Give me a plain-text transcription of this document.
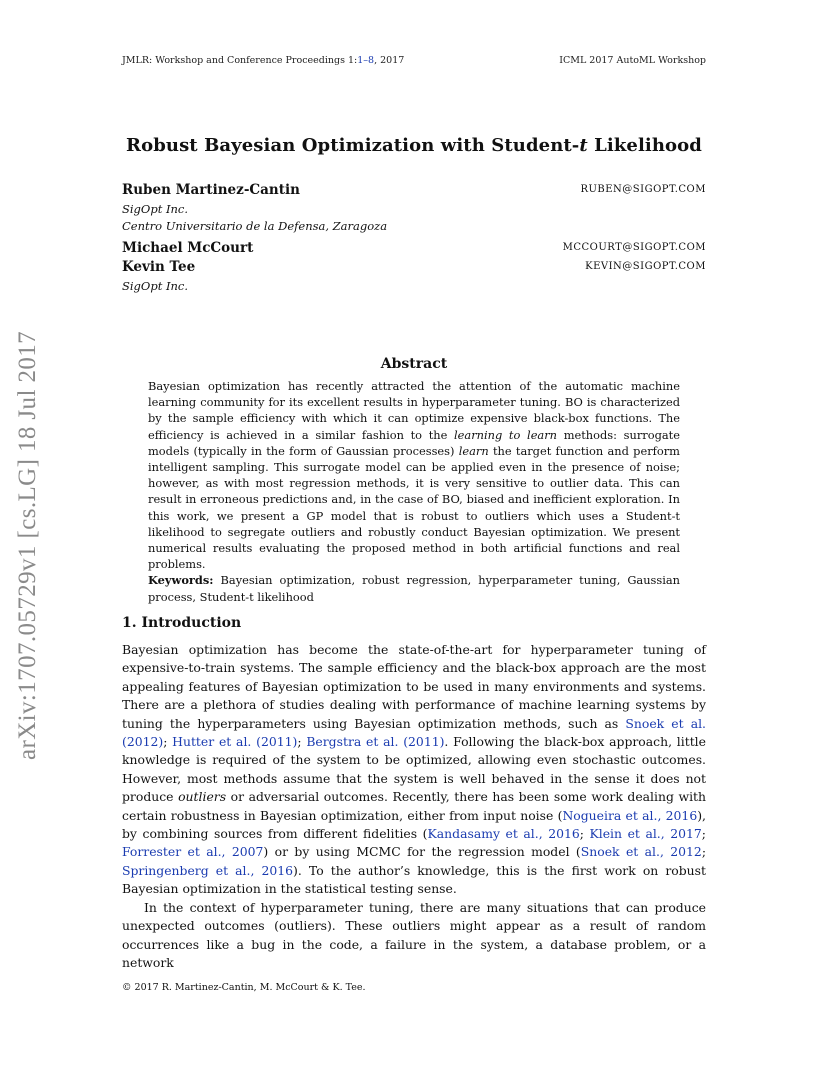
JMLR: Workshop and Conference Proceedings 1:1–8, 2017	ICML 2017 AutoML Workshop
Robust Bayesian Optimization with Student-t Likelihood
Ruben Martinez-Cantin	RUBEN@SIGOPT.COM
SigOpt Inc.
Centro Universitario de la Defensa, Zaragoza
Michael McCourt	MCCOURT@SIGOPT.COM
Kevin Tee	KEVIN@SIGOPT.COM
SigOpt Inc.
arXiv:1707.05729v1 [cs.LG] 18 Jul 2017	Abstract

Bayesian optimization has recently attracted the attention of the automatic machine learning community for its excellent results in hyperparameter tuning. BO is characterized by the sample efficiency with which it can optimize expensive black-box functions. The efficiency is achieved in a similar fashion to the learning to learn methods: surrogate models (typically in the form of Gaussian processes) learn the target function and perform intelligent sampling. This surrogate model can be applied even in the presence of noise; however, as with most regression methods, it is very sensitive to outlier data. This can result in erroneous predictions and, in the case of BO, biased and inefficient exploration. In this work, we present a GP model that is robust to outliers which uses a Student-t likelihood to segregate outliers and robustly conduct Bayesian optimization. We present numerical results evaluating the proposed method in both artificial functions and real problems.

Keywords: Bayesian optimization, robust regression, hyperparameter tuning, Gaussian process, Student-t likelihood

1. Introduction

Bayesian optimization has become the state-of-the-art for hyperparameter tuning of expensive-to-train systems. The sample efficiency and the black-box approach are the most appealing features of Bayesian optimization to be used in many environments and systems. There are a plethora of studies dealing with performance of machine learning systems by tuning the hyperparameters using Bayesian optimization methods, such as Snoek et al. (2012); Hutter et al. (2011); Bergstra et al. (2011). Following the black-box approach, little knowledge is required of the system to be optimized, allowing even stochastic outcomes. However, most methods assume that the system is well behaved in the sense it does not produce outliers or adversarial outcomes. Recently, there has been some work dealing with certain robustness in Bayesian optimization, either from input noise (Nogueira et al., 2016), by combining sources from different fidelities (Kandasamy et al., 2016; Klein et al., 2017; Forrester et al., 2007) or by using MCMC for the regression model (Snoek et al., 2012; Springenberg et al., 2016). To the author’s knowledge, this is the first work on robust Bayesian optimization in the statistical testing sense.

In the context of hyperparameter tuning, there are many situations that can produce unexpected outcomes (outliers). These outliers might appear as a result of random occurrences like a bug in the code, a failure in the system, a database problem, or a network

© 2017 R. Martinez-Cantin, M. McCourt & K. Tee.
